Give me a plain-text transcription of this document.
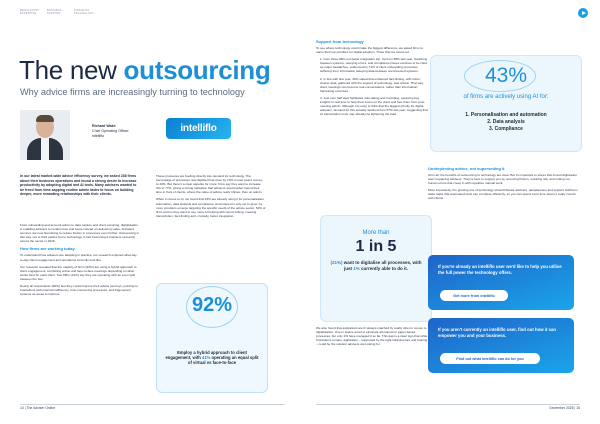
REGULATORY EXPERTISE
BUSINESS SUPPORT
FINANCIAL TECHNOLOGY
The new outsourcing
Why advice firms are increasingly turning to technology
Richard Wake
Chief Operating Officer
intelliflo
intelliflo
In our latest market-wide advice efficiency survey, we asked 238 firms about their business operations and found a strong desire to increase productivity by adopting digital and AI tools. Many advisers wanted to be freed from time-sapping routine admin tasks to focus on building deeper, more rewarding relationships with their clients.

From onboarding and account admin to data capture and client servicing, digitalisation is enabling advisers to reclaim time and focus instead on delivering value. AI-based services are now flourishing to reduce friction in processes even further. Outsourcing in this way, not to third parties but to technology, is fast becoming a business necessity across the sector in 2026.

How firms are working today

To understand how advisers are adapting in practice, our research explored what day-to-day client engagement and operations currently look like.

Our research revealed that the majority of firms (92%) are using a hybrid approach to client engagement, combining online and face-to-face meetings depending on what works best for each client. Two-fifths (41%) say they are operating with an even split between the two.

Nearly all respondents (96%) feel they could improve their advice journeys, pointing to frustrations with internal inefficiency, time-consuming processes, and fragmented systems as areas to improve.

These pressures are feeding directly into demand for technology. The percentage of processes now digitised has risen by 10% on last year's survey, to 43%. But there's a clear appetite for more: firms say they want to increase this to 77%, giving a strong indication that advisers would rather spend their time in front of clients, where the value of advice really shines, than on admin.

When it comes to AI, we found that 43% are already using it for personalisation, automation, data analysis and compliance. And interest is only set to grow. As more providers emerge targeting the specific needs of the advice sector, 64% of firms told us they want to see more AI helping with report writing, meeting transcription, fact-finding and, crucially, better integration.

92%
Employ a hybrid approach to client engagement, with 41% operating an equal split of virtual vs face-to-face
Support from technology

To see where technology could make the biggest difference, we asked firms to name their top priorities for digital adoption. Three themes stood out:

1. Over three-fifths put better integration top. Up from 58% last year. Switching between systems, rekeying errors, and compliance issues continue to be cited as major headaches, evidenced by 71% of client onboarding processes suffering from information rekeying data between unconnected systems.

2. In line with last year, 46% stated that enhanced fact-finding, with richer, clearer data, gathered with the support of technology, was critical. That way, client meetings can become real conversations, rather than information-harvesting exercises.

3. Just over half want facilitated note-taking and recording, capturing key insights in real time to help them focus on the client and free them from post-meeting admin. Although it is easy to think that the biggest priority for digital adoption, demand for this actually declined from 57% last year, suggesting that AI transcription tools may already be lightening the load.

More than
1 in 5
(21%) want to digitalise all processes, with just 1% currently able to do it.

We also found that aspirations aren't always matched by reality when it comes to digitalisation. One in twelve avoid to eliminate all manual or paper-based processes, but only 1% have managed it so far. This gap is a clear sign that while frustrations remain, digitisation – supported by the right infrastructure and training – could be the solution advisers are looking for.

43%
of firms are actively using AI for:
1. Personalisation and automation
2. Data analysis
3. Compliance
Underpinning advice, not superseding it

All in all, the benefits of outsourcing to technology are clear. But it's important to stress that AI and digitisation aren't replacing advisers. They're here to support you by removing friction, reducing risk, and cutting out human errors that creep in with repetitive manual work.

More importantly, the growing use of technology should liberate advisers, paraplanners and support staff from tasks tasks that automated tools can complete efficiently, so you can spend more time where it really counts: with clients.

If you're already an intelliflo user we'd like to help you utilise the full power the technology offers.
Get more from intelliflo
If you aren't currently an intelliflo user, find out how it can empower you and your business.
Find out what intelliflo can do for you
14 | The Adviser Online	December 2025 | 15
